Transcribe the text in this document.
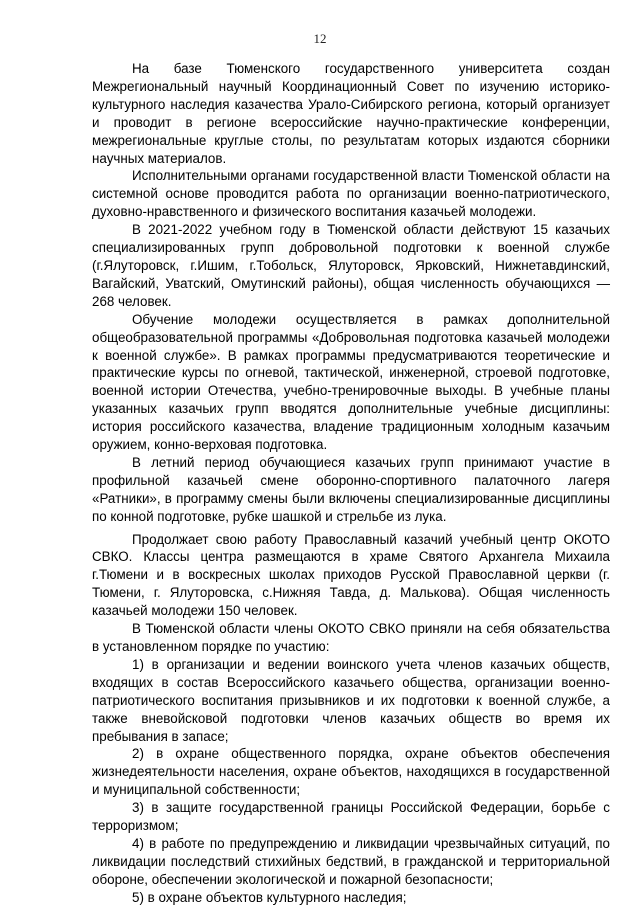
12

На базе Тюменского государственного университета создан Межрегиональный научный Координационный Совет по изучению историко-культурного наследия казачества Урало-Сибирского региона, который организует и проводит в регионе всероссийские научно-практические конференции, межрегиональные круглые столы, по результатам которых издаются сборники научных материалов.

Исполнительными органами государственной власти Тюменской области на системной основе проводится работа по организации военно-патриотического, духовно-нравственного и физического воспитания казачьей молодежи.

В 2021-2022 учебном году в Тюменской области действуют 15 казачьих специализированных групп добровольной подготовки к военной службе (г.Ялуторовск, г.Ишим, г.Тобольск, Ялуторовск, Ярковский, Нижнетавдинский, Вагайский, Уватский, Омутинский районы), общая численность обучающихся — 268 человек.

Обучение молодежи осуществляется в рамках дополнительной общеобразовательной программы «Добровольная подготовка казачьей молодежи к военной службе». В рамках программы предусматриваются теоретические и практические курсы по огневой, тактической, инженерной, строевой подготовке, военной истории Отечества, учебно-тренировочные выходы. В учебные планы указанных казачьих групп вводятся дополнительные учебные дисциплины: история российского казачества, владение традиционным холодным казачьим оружием, конно-верховая подготовка.

В летний период обучающиеся казачьих групп принимают участие в профильной казачьей смене оборонно-спортивного палаточного лагеря «Ратники», в программу смены были включены специализированные дисциплины по конной подготовке, рубке шашкой и стрельбе из лука.

Продолжает свою работу Православный казачий учебный центр ОКОТО СВКО. Классы центра размещаются в храме Святого Архангела Михаила г.Тюмени и в воскресных школах приходов Русской Православной церкви (г. Тюмени, г. Ялуторовска, с.Нижняя Тавда, д. Малькова). Общая численность казачьей молодежи 150 человек.

В Тюменской области члены ОКОТО СВКО приняли на себя обязательства в установленном порядке по участию:

1) в организации и ведении воинского учета членов казачьих обществ, входящих в состав Всероссийского казачьего общества, организации военно-патриотического воспитания призывников и их подготовки к военной службе, а также вневойсковой подготовки членов казачьих обществ во время их пребывания в запасе;

2) в охране общественного порядка, охране объектов обеспечения жизнедеятельности населения, охране объектов, находящихся в государственной и муниципальной собственности;

3) в защите государственной границы Российской Федерации, борьбе с терроризмом;

4) в работе по предупреждению и ликвидации чрезвычайных ситуаций, по ликвидации последствий стихийных бедствий, в гражданской и территориальной обороне, обеспечении экологической и пожарной безопасности;

5) в охране объектов культурного наследия;
